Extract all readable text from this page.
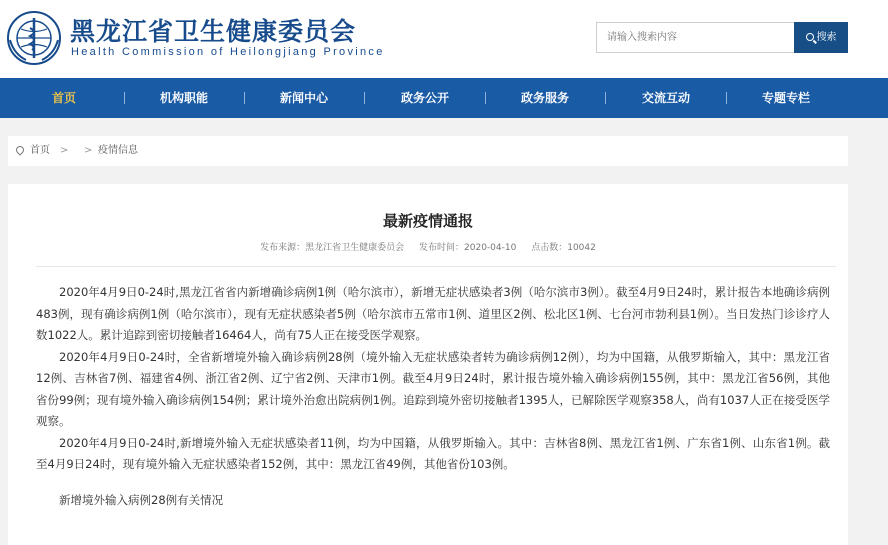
黑龙江省卫生健康委员会
Health Commission of Heilongjiang Province
请输入搜索内容
搜索
首页	机构职能	新闻中心	政务公开	政务服务	交流互动	专题专栏
首页 > > 疫情信息
最新疫情通报
发布来源：黑龙江省卫生健康委员会 发布时间：2020-04-10 点击数：10042

2020年4月9日0-24时,黑龙江省省内新增确诊病例1例（哈尔滨市），新增无症状感染者3例（哈尔滨市3例）。截至4月9日24时，累计报告本地确诊病例483例，现有确诊病例1例（哈尔滨市），现有无症状感染者5例（哈尔滨市五常市1例、道里区2例、松北区1例、七台河市勃利县1例）。当日发热门诊诊疗人数1022人。累计追踪到密切接触者16464人，尚有75人正在接受医学观察。

2020年4月9日0-24时，全省新增境外输入确诊病例28例（境外输入无症状感染者转为确诊病例12例），均为中国籍，从俄罗斯输入，其中：黑龙江省12例、吉林省7例、福建省4例、浙江省2例、辽宁省2例、天津市1例。截至4月9日24时，累计报告境外输入确诊病例155例，其中：黑龙江省56例，其他省份99例；现有境外输入确诊病例154例；累计境外治愈出院病例1例。追踪到境外密切接触者1395人，已解除医学观察358人，尚有1037人正在接受医学观察。

2020年4月9日0-24时,新增境外输入无症状感染者11例，均为中国籍，从俄罗斯输入。其中：吉林省8例、黑龙江省1例、广东省1例、山东省1例。截至4月9日24时，现有境外输入无症状感染者152例，其中：黑龙江省49例，其他省份103例。

新增境外输入病例28例有关情况
